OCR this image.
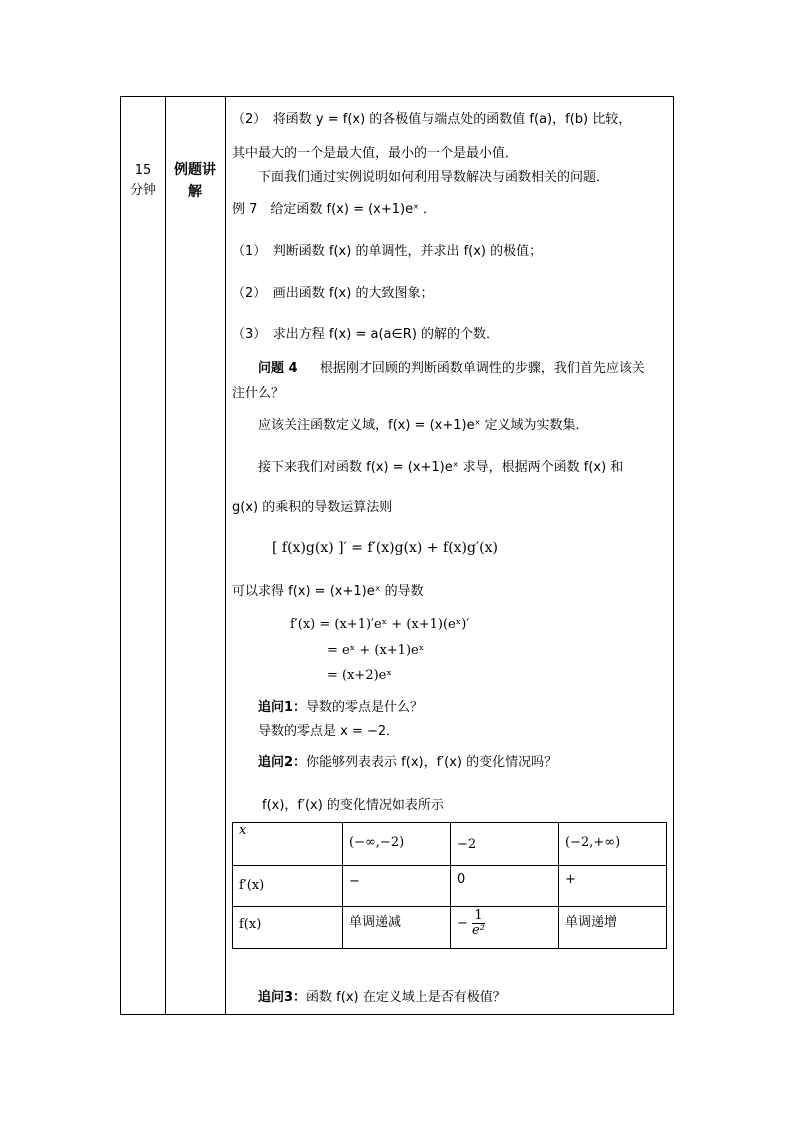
15
分钟
例题讲解
（2）　将函数 y = f(x) 的各极值与端点处的函数值 f(a)，f(b) 比较，
其中最大的一个是最大值，最小的一个是最小值．
下面我们通过实例说明如何利用导数解决与函数相关的问题．
例 7　给定函数 f(x) = (x+1)eˣ ．
（1）　判断函数 f(x) 的单调性，并求出 f(x) 的极值；
（2）　画出函数 f(x) 的大致图象；
（3）　求出方程 f(x) = a(a∈R) 的解的个数．
问题 4 根据刚才回顾的判断函数单调性的步骤，我们首先应该关
注什么？
应该关注函数定义域，f(x) = (x+1)eˣ 定义域为实数集．
接下来我们对函数 f(x) = (x+1)eˣ 求导，根据两个函数 f(x) 和
g(x) 的乘积的导数运算法则
[ f(x)g(x) ]′ = f′(x)g(x) + f(x)g′(x)
可以求得 f(x) = (x+1)eˣ 的导数
f′(x) = (x+1)′eˣ + (x+1)(eˣ)′
= eˣ + (x+1)eˣ
= (x+2)eˣ
追问1：导数的零点是什么？
导数的零点是 x = −2．
追问2：你能够列表表示 f(x)，f′(x) 的变化情况吗？
f(x)，f′(x) 的变化情况如表所示
x	(−∞,−2)	−2	(−2,+∞)
f′(x)	−	0	+
f(x)	单调递减	− $\frac{1}{\text{e²}}$	单调递增
追问3：函数 f(x) 在定义域上是否有极值？
